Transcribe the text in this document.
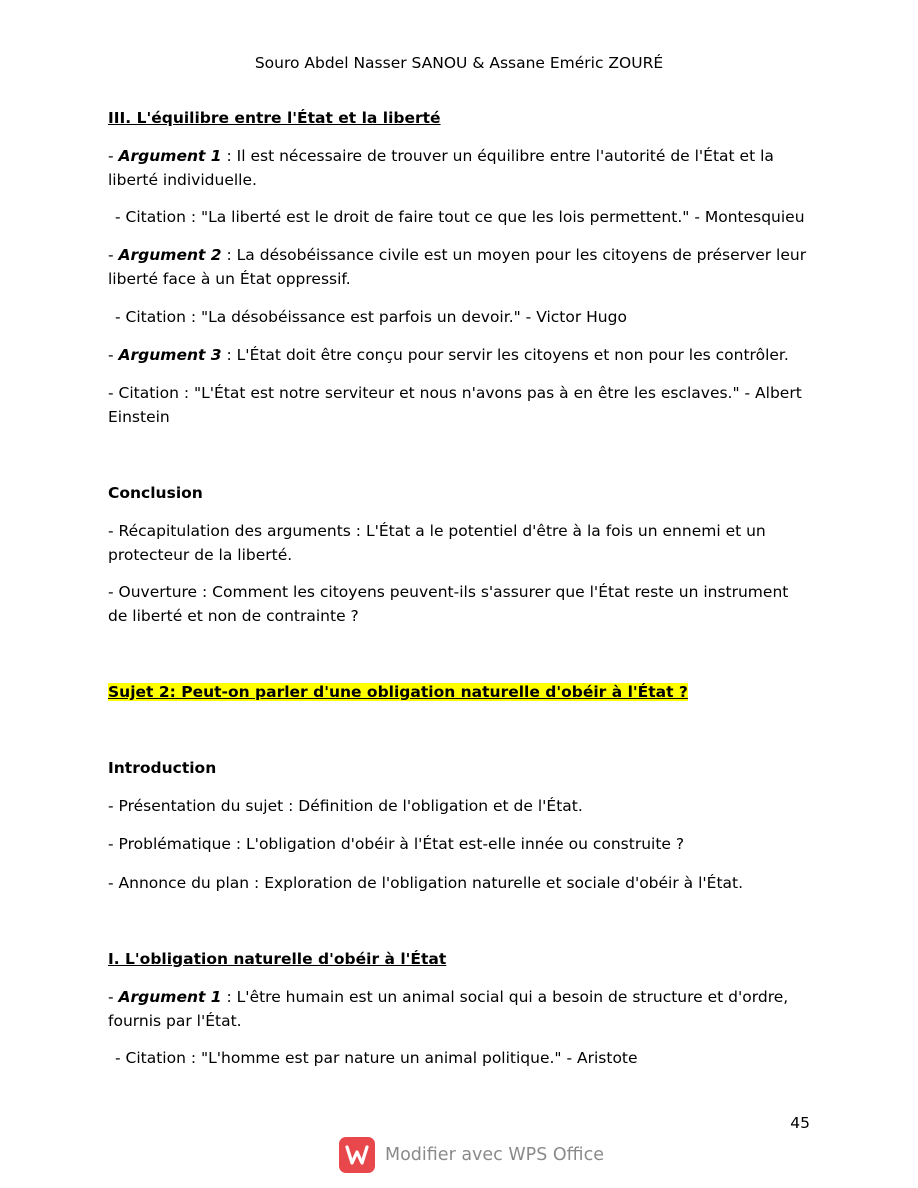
Souro Abdel Nasser SANOU & Assane Eméric ZOURÉ
III. L'équilibre entre l'État et la liberté
- Argument 1 : Il est nécessaire de trouver un équilibre entre l'autorité de l'État et la liberté individuelle.
- Citation : "La liberté est le droit de faire tout ce que les lois permettent." - Montesquieu
- Argument 2 : La désobéissance civile est un moyen pour les citoyens de préserver leur liberté face à un État oppressif.
- Citation : "La désobéissance est parfois un devoir." - Victor Hugo
- Argument 3 : L'État doit être conçu pour servir les citoyens et non pour les contrôler.
- Citation : "L'État est notre serviteur et nous n'avons pas à en être les esclaves." - Albert Einstein
Conclusion
- Récapitulation des arguments : L'État a le potentiel d'être à la fois un ennemi et un protecteur de la liberté.
- Ouverture : Comment les citoyens peuvent-ils s'assurer que l'État reste un instrument de liberté et non de contrainte ?
Sujet 2: Peut-on parler d'une obligation naturelle d'obéir à l'État ?
Introduction
- Présentation du sujet : Définition de l'obligation et de l'État.
- Problématique : L'obligation d'obéir à l'État est-elle innée ou construite ?
- Annonce du plan : Exploration de l'obligation naturelle et sociale d'obéir à l'État.
I. L'obligation naturelle d'obéir à l'État
- Argument 1 : L'être humain est un animal social qui a besoin de structure et d'ordre, fournis par l'État.
- Citation : "L'homme est par nature un animal politique." - Aristote
45
Modifier avec WPS Office
